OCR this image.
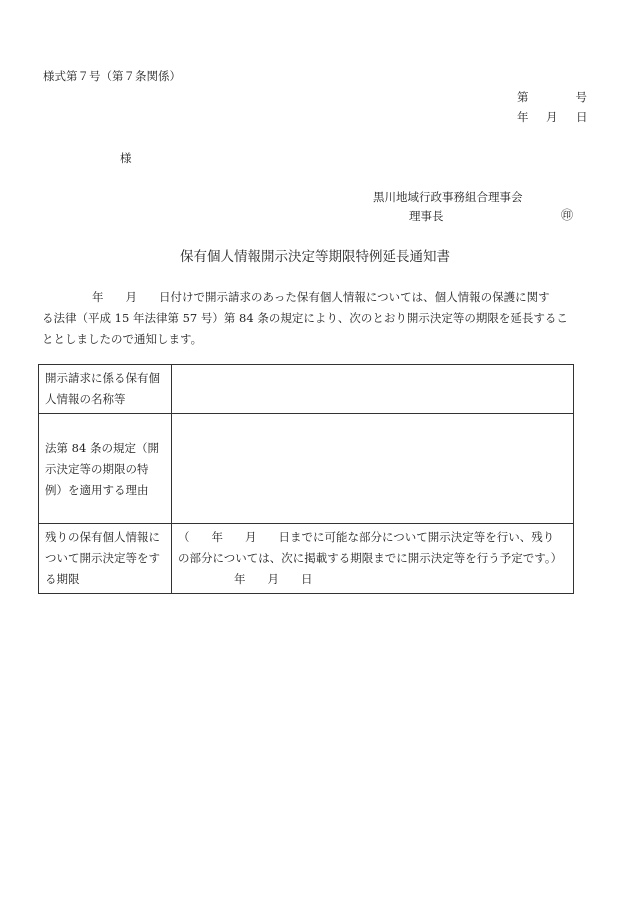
様式第７号（第７条関係）
第	号
年 月 日
様
黒川地域行政事務組合理事会
理事長	㊞
保有個人情報開示決定等期限特例延長通知書
年 月 日付けで開示請求のあった保有個人情報については、個人情報の保護に関す
る法律（平成 15 年法律第 57 号）第 84 条の規定により、次のとおり開示決定等の期限を延長するこ
ととしましたので通知します。
開示請求に係る保有個人情報の名称等	
法第 84 条の規定（開示決定等の期限の特例）を適用する理由	
残りの保有個人情報について開示決定等をする期限	（ 年 月 日までに可能な部分について開示決定等を行い、残り
の部分については、次に掲載する期限までに開示決定等を行う予定です。）
年 月 日
